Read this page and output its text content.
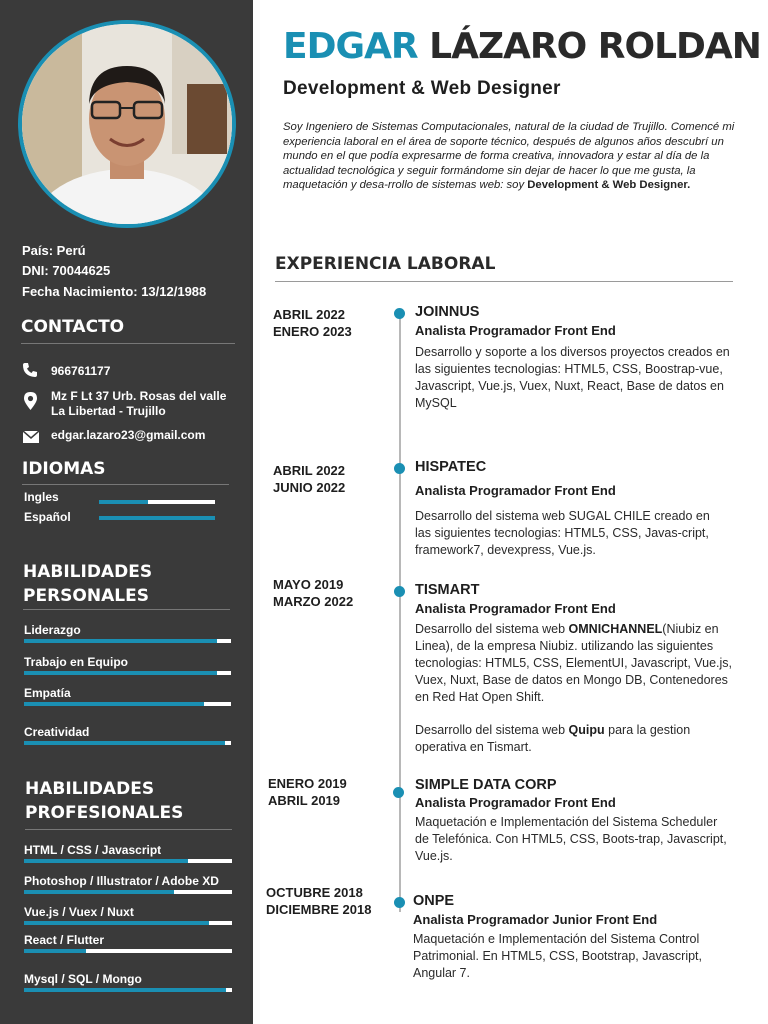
País: Perú
DNI: 70044625
Fecha Nacimiento: 13/12/1988
CONTACTO
966761177
Mz F Lt 37 Urb. Rosas del valle
La Libertad - Trujillo
edgar.lazaro23@gmail.com
IDIOMAS
Ingles
Español
HABILIDADES
PERSONALES
Liderazgo
Trabajo en Equipo
Empatía
Creatividad
HABILIDADES
PROFESIONALES
HTML / CSS / Javascript
Photoshop / Illustrator / Adobe XD
Vue.js / Vuex / Nuxt
React / Flutter
Mysql / SQL / Mongo
EDGAR LÁZARO ROLDAN
Development & Web Designer
Soy Ingeniero de Sistemas Computacionales, natural de la ciudad de Trujillo. Comencé mi experiencia laboral en el área de soporte técnico, después de algunos años descubrí un mundo en el que podía expresarme de forma creativa, innovadora y estar al día de la actualidad tecnológica y seguir formándome sin dejar de hacer lo que me gusta, la maquetación y desa-rrollo de sistemas web: soy Development & Web Designer.
EXPERIENCIA LABORAL
ABRIL 2022
ENERO 2023
JOINNUS
Analista Programador Front End
Desarrollo y soporte a los diversos proyectos creados en las siguientes tecnologias: HTML5, CSS, Boostrap-vue, Javascript, Vue.js, Vuex, Nuxt, React, Base de datos en MySQL
ABRIL 2022
JUNIO 2022
HISPATEC
Analista Programador Front End
Desarrollo del sistema web SUGAL CHILE creado en las siguientes tecnologias: HTML5, CSS, Javas-cript, framework7, devexpress, Vue.js.
MAYO 2019
MARZO 2022
TISMART
Analista Programador Front End
Desarrollo del sistema web OMNICHANNEL(Niubiz en Linea), de la empresa Niubiz. utilizando las siguientes tecnologias: HTML5, CSS, ElementUI, Javascript, Vue.js, Vuex, Nuxt, Base de datos en Mongo DB, Contenedores en Red Hat Open Shift.
Desarrollo del sistema web Quipu para la gestion operativa en Tismart.
ENERO 2019
ABRIL 2019
SIMPLE DATA CORP
Analista Programador Front End
Maquetación e Implementación del Sistema Scheduler de Telefónica. Con HTML5, CSS, Boots-trap, Javascript, Vue.js.
OCTUBRE 2018
DICIEMBRE 2018
ONPE
Analista Programador Junior Front End
Maquetación e Implementación del Sistema Control Patrimonial. En HTML5, CSS, Bootstrap, Javascript, Angular 7.
